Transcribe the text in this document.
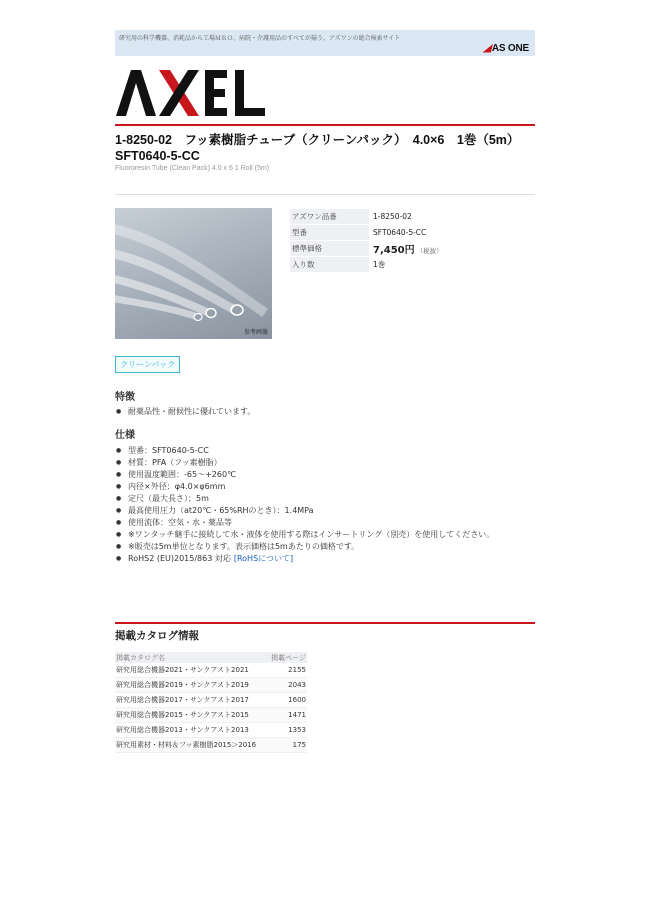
研究用の科学機器、消耗品から工場ＭＲＯ、病院・介護用品のすべてが揃う。アズワンの総合検索サイト
◢AS ONE
1-8250-02　フッ素樹脂チューブ（クリーンパック）　4.0×6　1巻（5m）
SFT0640-5-CC
Fluororesin Tube (Clean Pack) 4.0 x 6 1 Roll (5m)
参考画像
アズワン品番	1-8250-02
型番	SFT0640-5-CC
標準価格	7,450円 （税抜）
入り数	1巻
クリーンパック
特徴
● 耐薬品性・耐候性に優れています。
仕様
● 型番：SFT0640-5-CC
● 材質：PFA（フッ素樹脂）
● 使用温度範囲：-65〜+260℃
● 内径×外径：φ4.0×φ6mm
● 定尺（最大長さ）：5m
● 最高使用圧力（at20℃・65%RHのとき）：1.4MPa
● 使用流体：空気・水・薬品等
● ※ワンタッチ継手に接続して水・液体を使用する際はインサートリング（別売）を使用してください。
● ※販売は5m単位となります。表示価格は5mあたりの価格です。
● RoHS2 (EU)2015/863 対応 [RoHSについて]
掲載カタログ情報
掲載カタログ名	掲載ページ
研究用総合機器2021・サンクアスト2021	2155
研究用総合機器2019・サンクアスト2019	2043
研究用総合機器2017・サンクアスト2017	1600
研究用総合機器2015・サンクアスト2015	1471
研究用総合機器2013・サンクアスト2013	1353
研究用素材・材料＆フッ素樹脂2015＞2016	175
